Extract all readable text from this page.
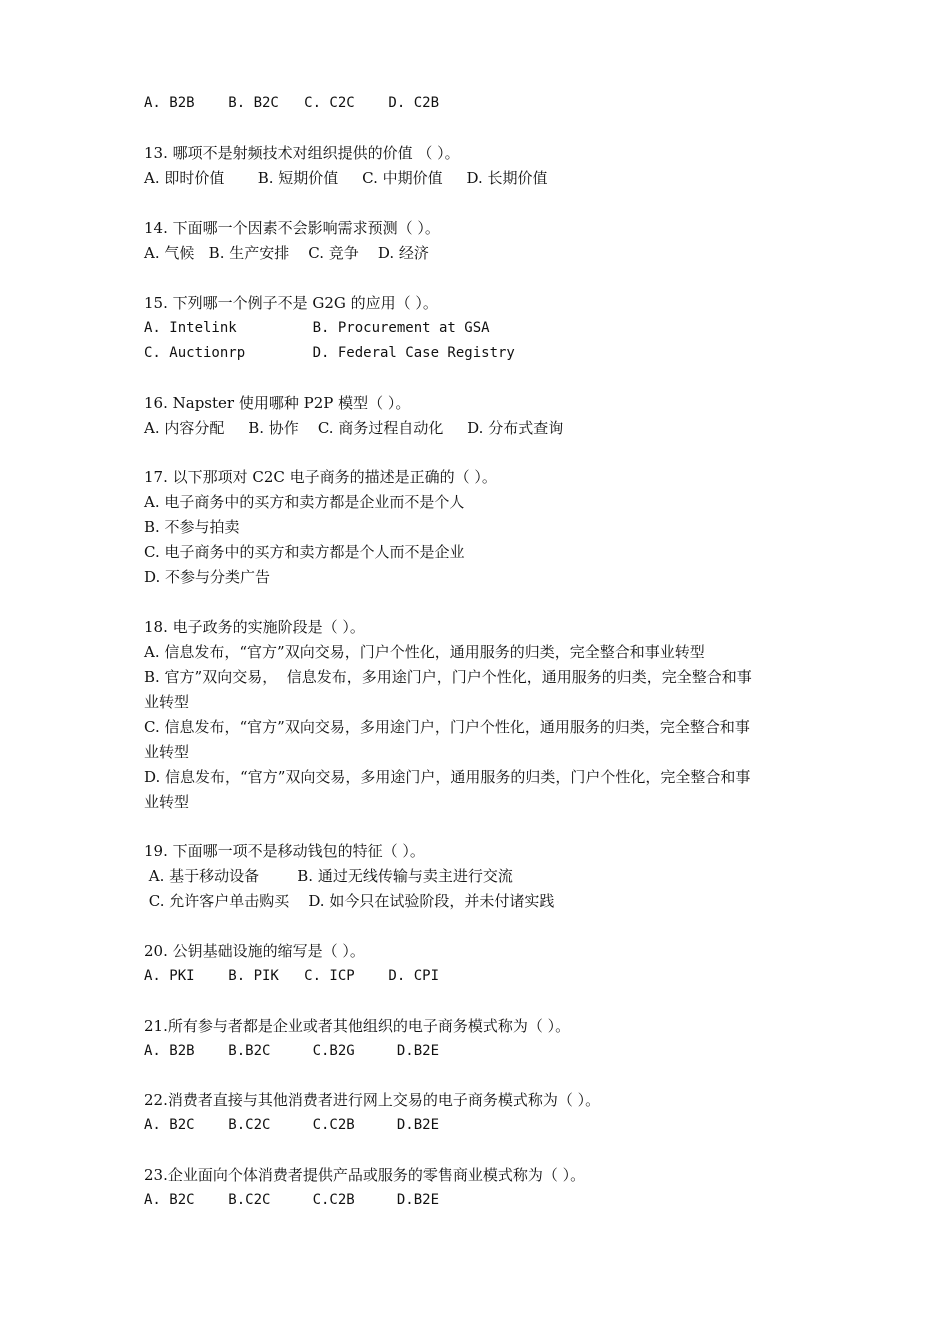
A. B2B    B. B2C   C. C2C    D. C2B

13. 哪项不是射频技术对组织提供的价值 （ ）。

A. 即时价值       B. 短期价值     C. 中期价值     D. 长期价值

14. 下面哪一个因素不会影响需求预测（ ）。

A. 气候   B. 生产安排    C. 竞争    D. 经济

15. 下列哪一个例子不是 G2G 的应用（ ）。

A. Intelink         B. Procurement at GSA

C. Auctionrp        D. Federal Case Registry

16. Napster 使用哪种 P2P 模型（ ）。

A. 内容分配     B. 协作    C. 商务过程自动化     D. 分布式查询

17. 以下那项对 C2C 电子商务的描述是正确的（ ）。

A. 电子商务中的买方和卖方都是企业而不是个人

B. 不参与拍卖

C. 电子商务中的买方和卖方都是个人而不是企业

D. 不参与分类广告

18. 电子政务的实施阶段是（ ）。

A. 信息发布，“官方”双向交易，门户个性化，通用服务的归类，完全整合和事业转型

B. 官方”双向交易，  信息发布，多用途门户，门户个性化，通用服务的归类，完全整合和事

业转型

C. 信息发布，“官方”双向交易，多用途门户，门户个性化，通用服务的归类，完全整合和事

业转型

D. 信息发布，“官方”双向交易，多用途门户，通用服务的归类，门户个性化，完全整合和事

业转型

19. 下面哪一项不是移动钱包的特征（ ）。

A. 基于移动设备        B. 通过无线传输与卖主进行交流

C. 允许客户单击购买    D. 如今只在试验阶段，并未付诸实践

20. 公钥基础设施的缩写是（ ）。

A. PKI    B. PIK   C. ICP    D. CPI

21.所有参与者都是企业或者其他组织的电子商务模式称为（ ）。

A. B2B    B.B2C     C.B2G     D.B2E

22.消费者直接与其他消费者进行网上交易的电子商务模式称为（ ）。

A. B2C    B.C2C     C.C2B     D.B2E

23.企业面向个体消费者提供产品或服务的零售商业模式称为（ ）。

A. B2C    B.C2C     C.C2B     D.B2E
